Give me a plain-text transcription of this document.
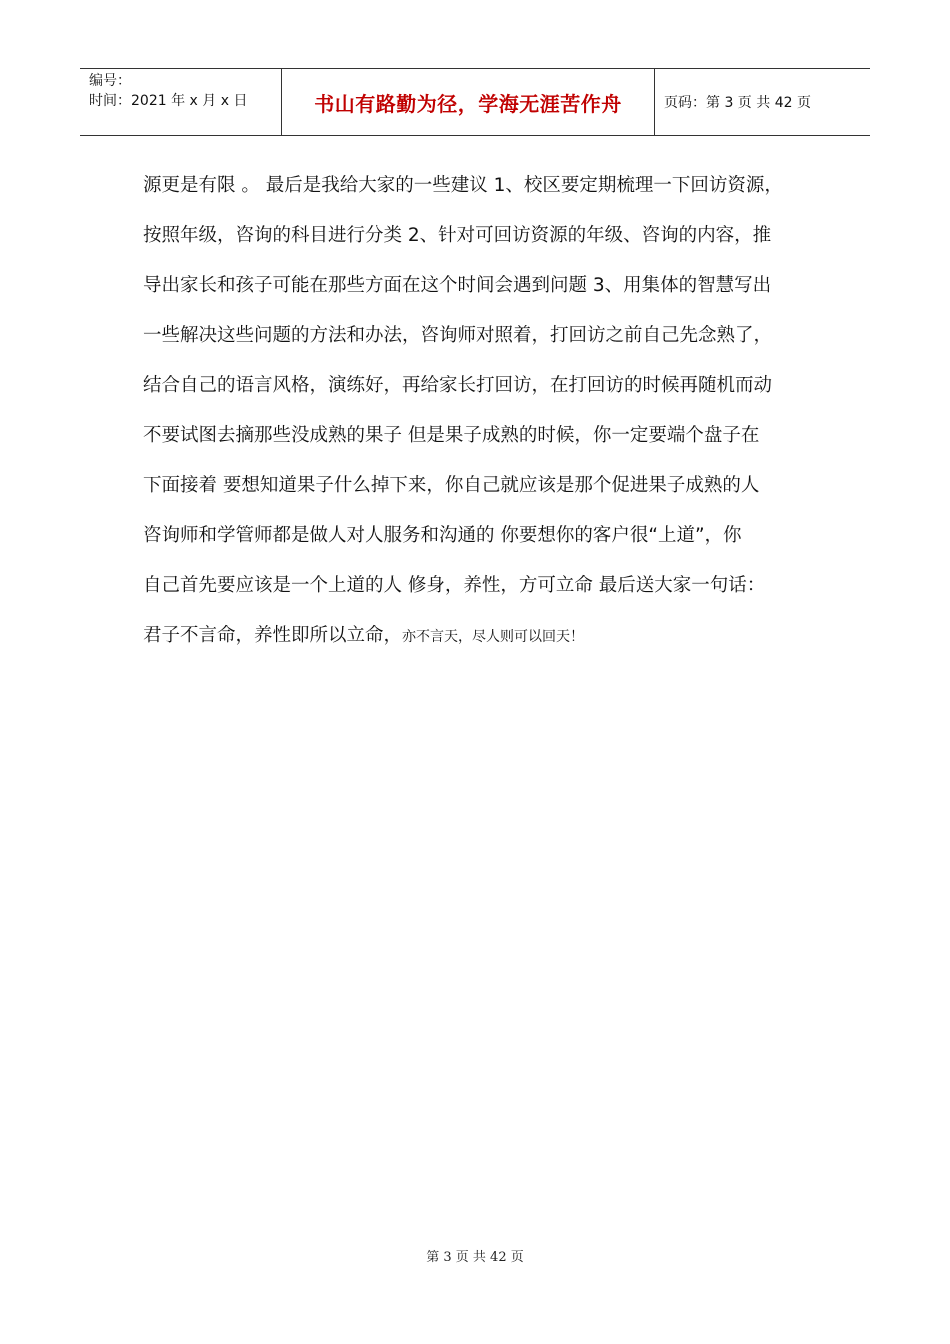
编号：
时间：2021 年 x 月 x 日	书山有路勤为径，学海无涯苦作舟	页码：第 3 页 共 42 页
源更是有限 。 最后是我给大家的一些建议 1、校区要定期梳理一下回访资源，
按照年级，咨询的科目进行分类 2、针对可回访资源的年级、咨询的内容，推
导出家长和孩子可能在那些方面在这个时间会遇到问题 3、用集体的智慧写出
一些解决这些问题的方法和办法，咨询师对照着，打回访之前自己先念熟了，
结合自己的语言风格，演练好，再给家长打回访，在打回访的时候再随机而动
不要试图去摘那些没成熟的果子 但是果子成熟的时候，你一定要端个盘子在
下面接着 要想知道果子什么掉下来，你自己就应该是那个促进果子成熟的人
咨询师和学管师都是做人对人服务和沟通的 你要想你的客户很“上道”，你
自己首先要应该是一个上道的人 修身，养性，方可立命 最后送大家一句话：
君子不言命，养性即所以立命，亦不言天，尽人则可以回天！
第 3 页 共 42 页
